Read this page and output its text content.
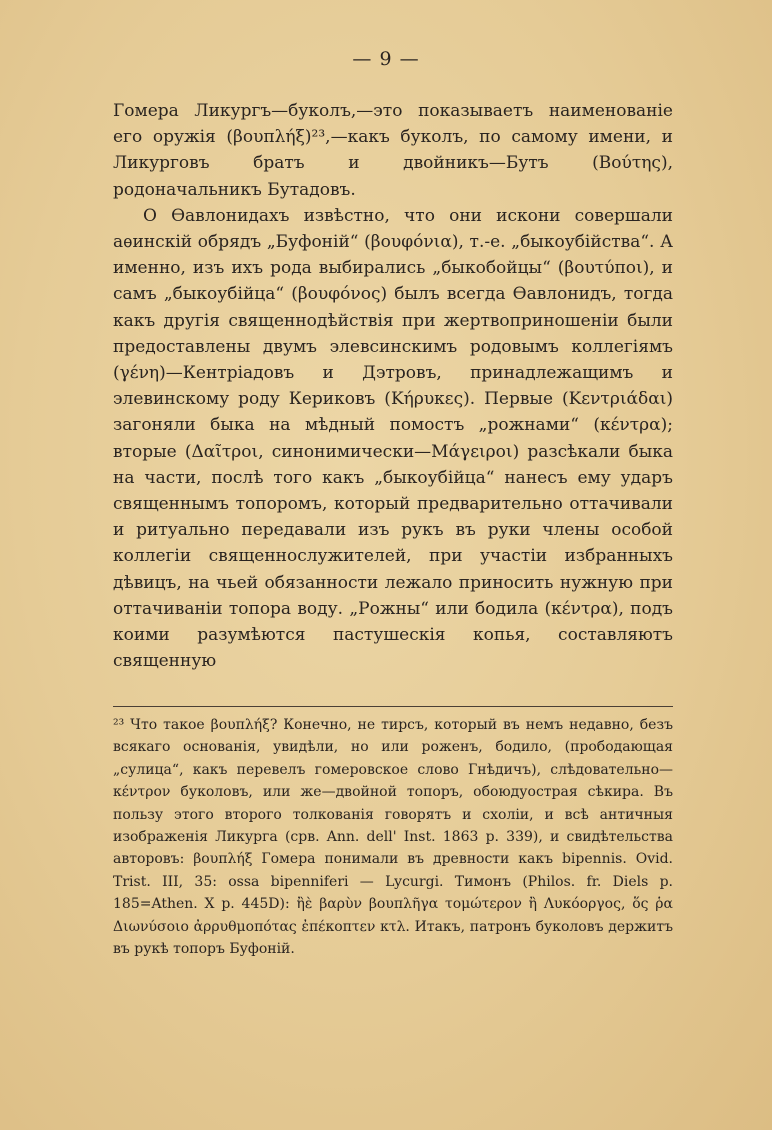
— 9 —

Гомера Ликургъ—буколъ,—это показываетъ наименованіе его оружія (βουπλήξ)²³,—какъ буколъ, по самому имени, и Ликурговъ братъ и двойникъ—Бутъ (Βούτης), родоначальникъ Бутадовъ.

О Ѳавлонидахъ извѣстно, что они искони совершали аѳинскій обрядъ „Буфоній“ (βουφόνια), т.-е. „быкоубійства“. А именно, изъ ихъ рода выбирались „быкобойцы“ (βουτύποι), и самъ „быкоубійца“ (βουφόνος) былъ всегда Ѳавлонидъ, тогда какъ другія священнодѣйствія при жертвоприношеніи были предоставлены двумъ элевсинскимъ родовымъ коллегіямъ (γένη)—Кентріадовъ и Дэтровъ, принадлежащимъ и элевинскому роду Кериковъ (Κήρυκες). Первые (Κεντριάδαι) загоняли быка на мѣдный помостъ „рожнами“ (κέντρα); вторые (Δαῖτροι, синонимически—Μάγειροι) разсѣкали быка на части, послѣ того какъ „быкоубійца“ нанесъ ему ударъ священнымъ топоромъ, который предварительно оттачивали и ритуально передавали изъ рукъ въ руки члены особой коллегіи священнослужителей, при участіи избранныхъ дѣвицъ, на чьей обязанности лежало приносить нужную при оттачиваніи топора воду. „Рожны“ или бодила (κέντρα), подъ коими разумѣются пастушескія копья, составляютъ священную

²³ Что такое βουπλήξ? Конечно, не тирсъ, который въ немъ недавно, безъ всякаго основанія, увидѣли, но или роженъ, бодило, (прободающая „сулица“, какъ перевелъ гомеровское слово Гнѣдичъ), слѣдовательно—κέντρον буколовъ, или же—двойной топоръ, обоюдуострая сѣкира. Въ пользу этого второго толкованія говорятъ и схоліи, и всѣ античныя изображенія Ликурга (срв. Ann. dell' Inst. 1863 p. 339), и свидѣтельства авторовъ: βουπλήξ Гомера понимали въ древности какъ bipennis. Ovid. Trist. III, 35: ossa bipenniferi — Lycurgi. Тимонъ (Philos. fr. Diels p. 185=Athen. X p. 445D): ἢὲ βαρὺν βουπλῆγα τομώτερον ἢ Λυκόοργος, ὅς ῥα Διωνύσοιο ἀρρυθμοπότας ἐπέκοπτεν κτλ. Итакъ, патронъ буколовъ держитъ въ рукѣ топоръ Буфоній.
